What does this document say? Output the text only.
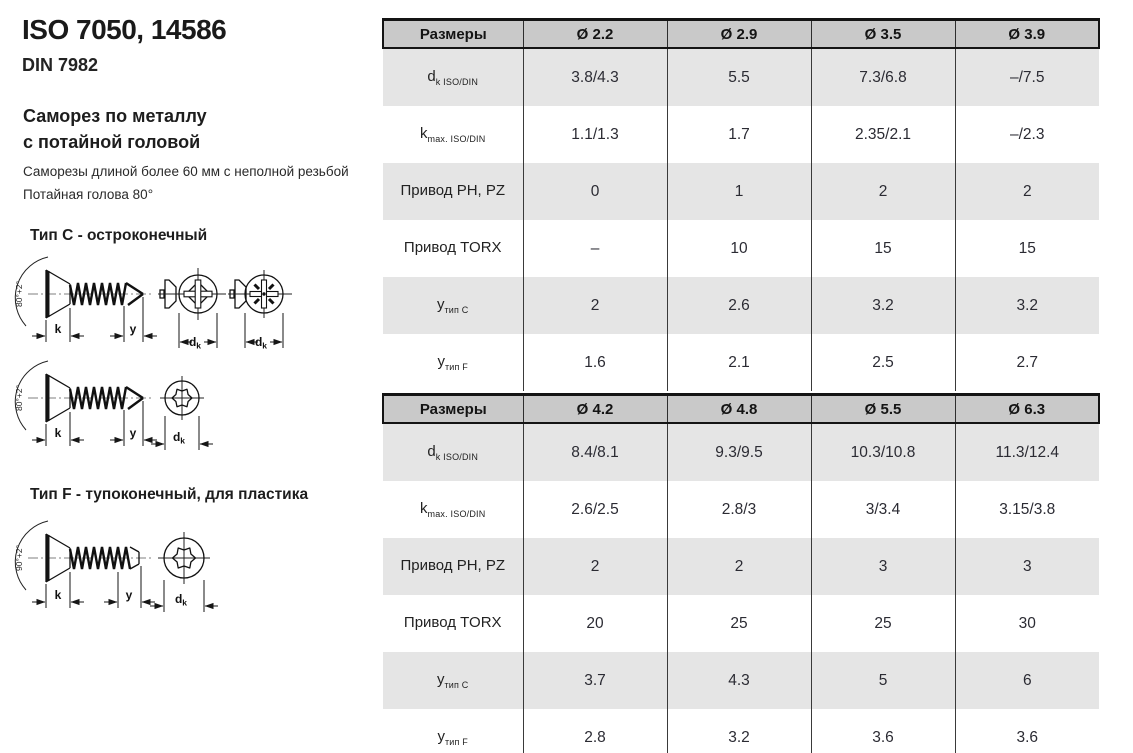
ISO 7050, 14586
DIN 7982
Саморез по металлу
с потайной головой
Саморезы длиной более 60 мм с неполной резьбой
Потайная голова 80°
Тип C - остроконечный
Тип F - тупоконечный, для пластика
80°+2°
k	y
$d_k$	$d_k$
$d_k$
90°+2°
k	y	$d_k$
Размеры	Ø 2.2	Ø 2.9	Ø 3.5	Ø 3.9
$d_{k ISO/DIN}$	3.8/4.3	5.5	7.3/6.8	–/7.5
$k_{max. ISO/DIN}$	1.1/1.3	1.7	2.35/2.1	–/2.3
Привод PH, PZ	0	1	2	2
Привод TORX	–	10	15	15
$y_{тип C}$	2	2.6	3.2	3.2
$y_{тип F}$	1.6	2.1	2.5	2.7
Размеры	Ø 4.2	Ø 4.8	Ø 5.5	Ø 6.3
$d_{k ISO/DIN}$	8.4/8.1	9.3/9.5	10.3/10.8	11.3/12.4
$k_{max. ISO/DIN}$	2.6/2.5	2.8/3	3/3.4	3.15/3.8
Привод PH, PZ	2	2	3	3
Привод TORX	20	25	25	30
$y_{тип C}$	3.7	4.3	5	6
$y_{тип F}$	2.8	3.2	3.6	3.6
